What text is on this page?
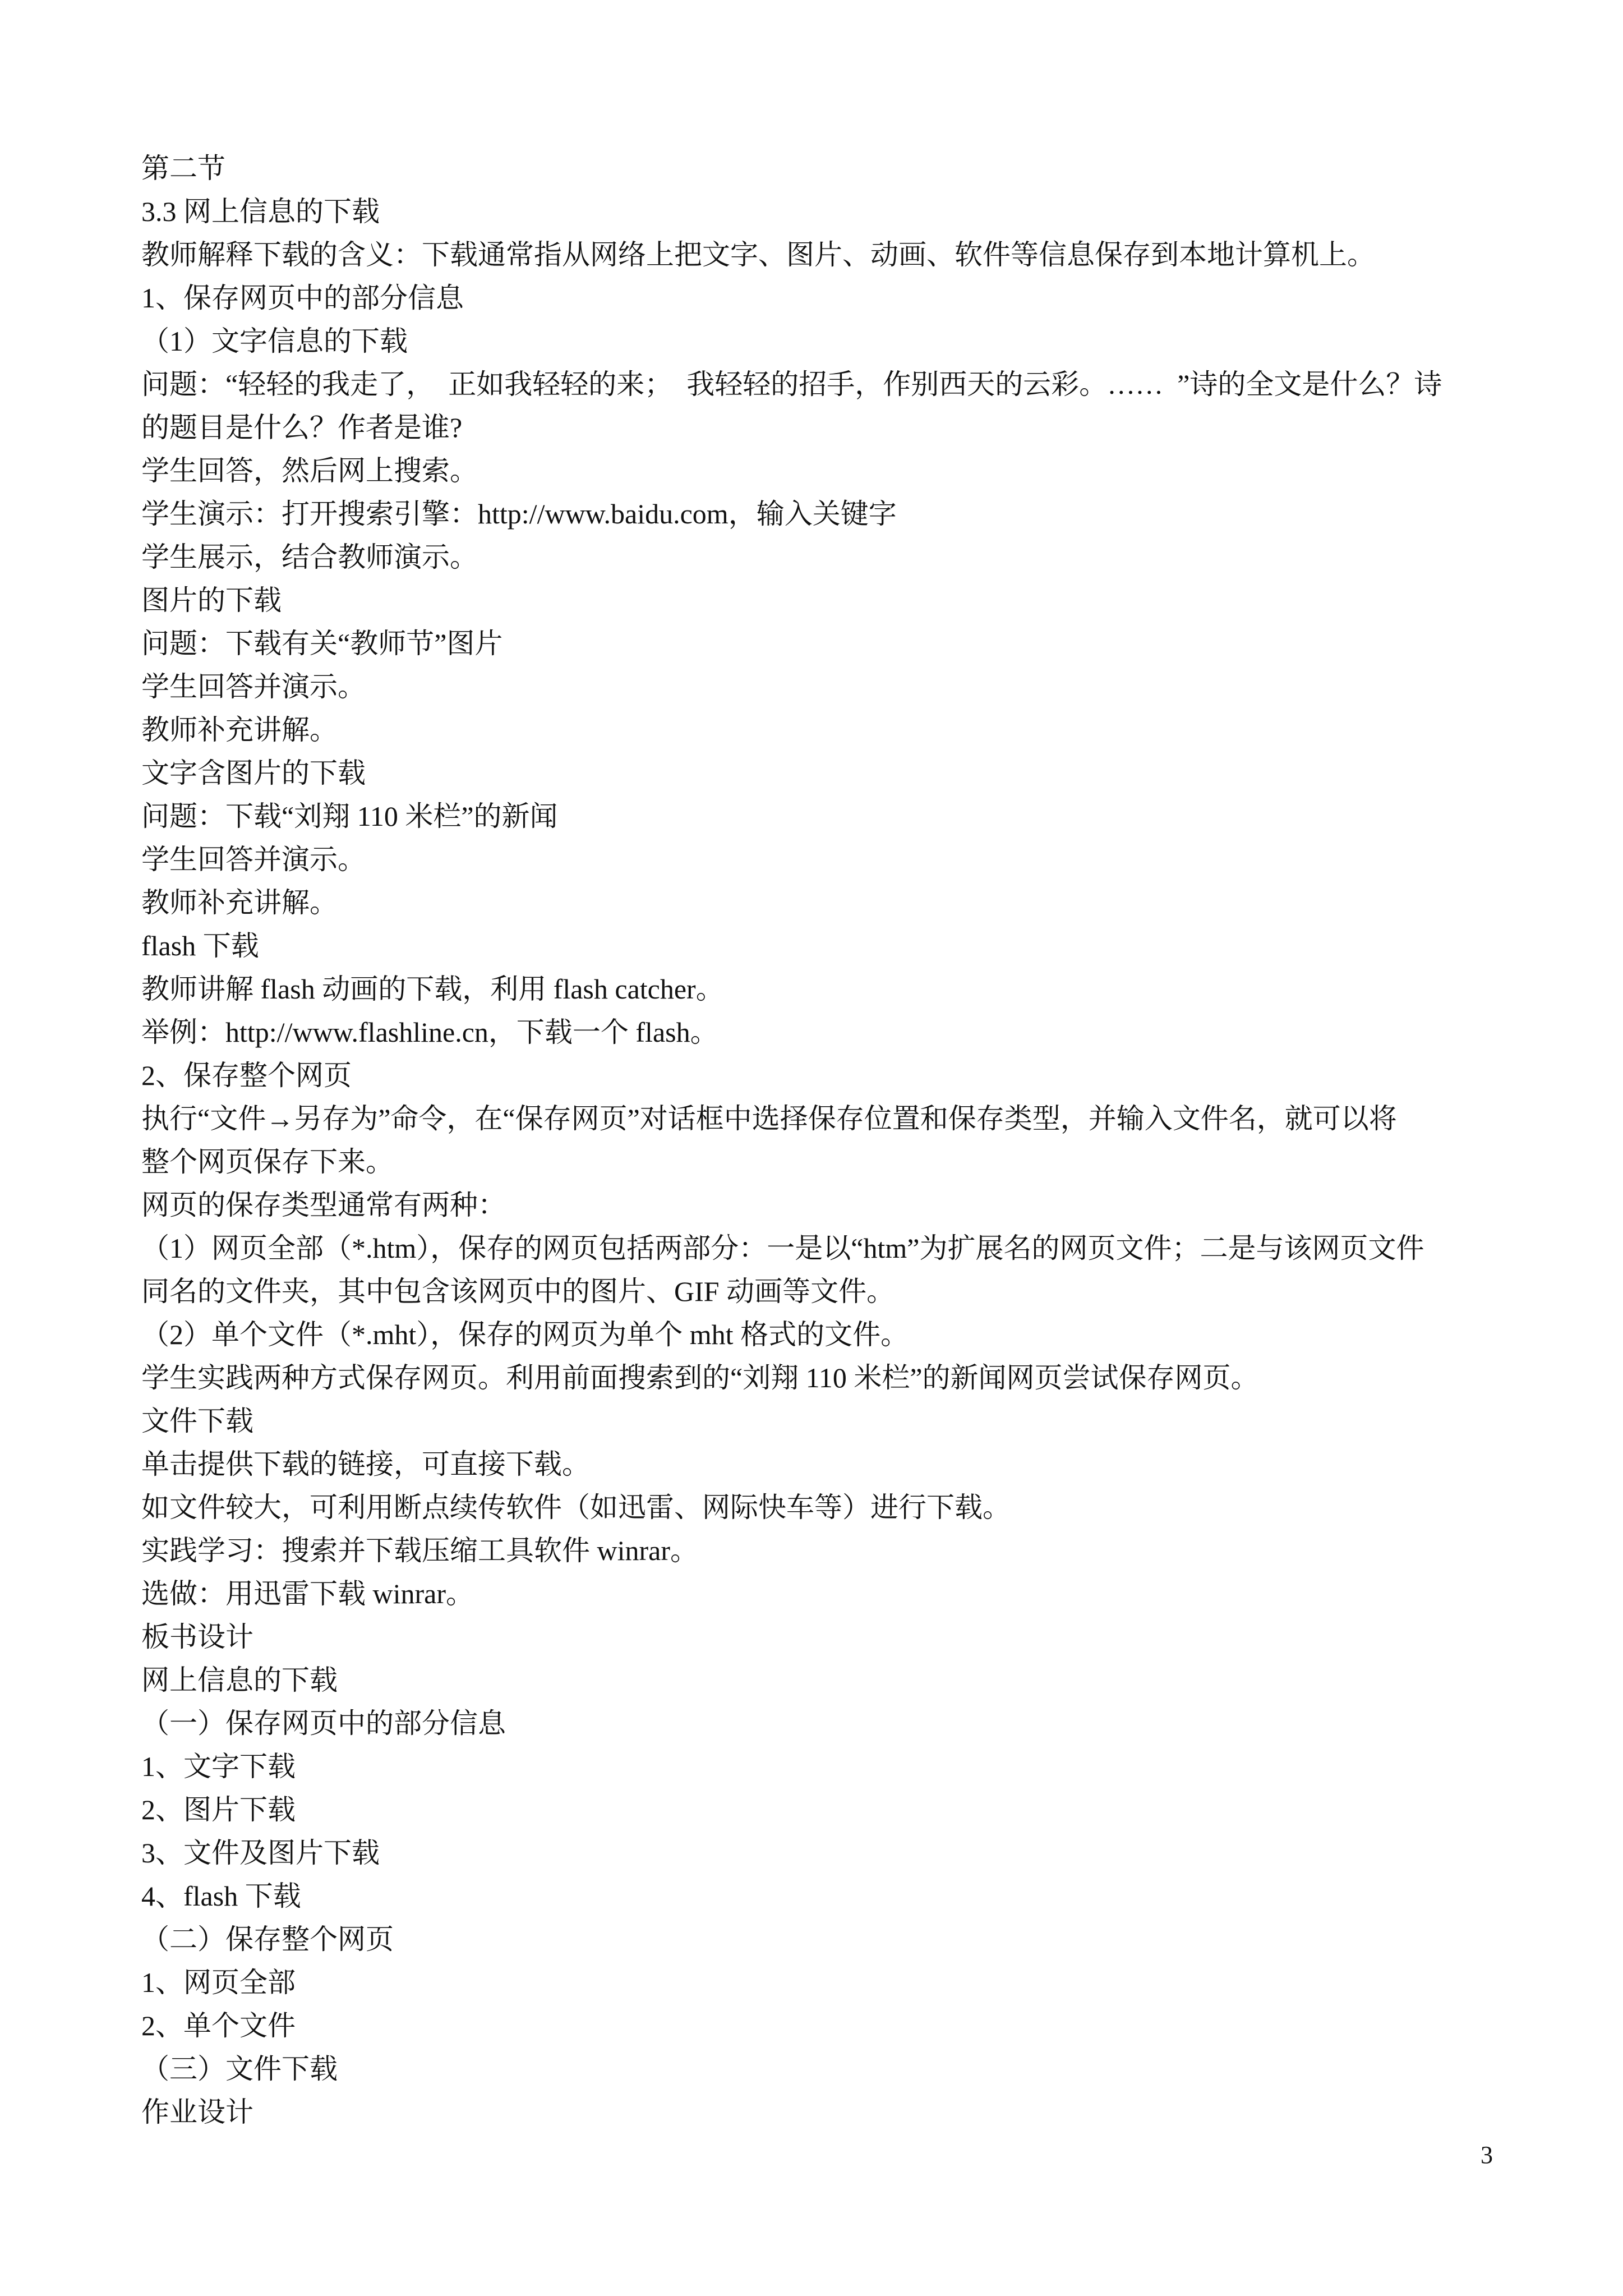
第二节

3.3 网上信息的下载

教师解释下载的含义：下载通常指从网络上把文字、图片、动画、软件等信息保存到本地计算机上。

1、保存网页中的部分信息

（1）文字信息的下载

问题：“轻轻的我走了，  正如我轻轻的来；  我轻轻的招手，作别西天的云彩。……  ”诗的全文是什么？诗

的题目是什么？作者是谁?

学生回答，然后网上搜索。

学生演示：打开搜索引擎：http://www.baidu.com，输入关键字

学生展示，结合教师演示。

图片的下载

问题：下载有关“教师节”图片

学生回答并演示。

教师补充讲解。

文字含图片的下载

问题：下载“刘翔 110 米栏”的新闻

学生回答并演示。

教师补充讲解。

flash 下载

教师讲解 flash 动画的下载，利用 flash catcher。

举例：http://www.flashline.cn，下载一个 flash。

2、保存整个网页

执行“文件→另存为”命令，在“保存网页”对话框中选择保存位置和保存类型，并输入文件名，就可以将

整个网页保存下来。

网页的保存类型通常有两种：

（1）网页全部（*.htm），保存的网页包括两部分：一是以“htm”为扩展名的网页文件；二是与该网页文件

同名的文件夹，其中包含该网页中的图片、GIF 动画等文件。

（2）单个文件（*.mht），保存的网页为单个 mht 格式的文件。

学生实践两种方式保存网页。利用前面搜索到的“刘翔 110 米栏”的新闻网页尝试保存网页。

文件下载

单击提供下载的链接，可直接下载。

如文件较大，可利用断点续传软件（如迅雷、网际快车等）进行下载。

实践学习：搜索并下载压缩工具软件 winrar。

选做：用迅雷下载 winrar。

板书设计

网上信息的下载

（一）保存网页中的部分信息

1、文字下载

2、图片下载

3、文件及图片下载

4、flash 下载

（二）保存整个网页

1、网页全部

2、单个文件

（三）文件下载

作业设计

3
